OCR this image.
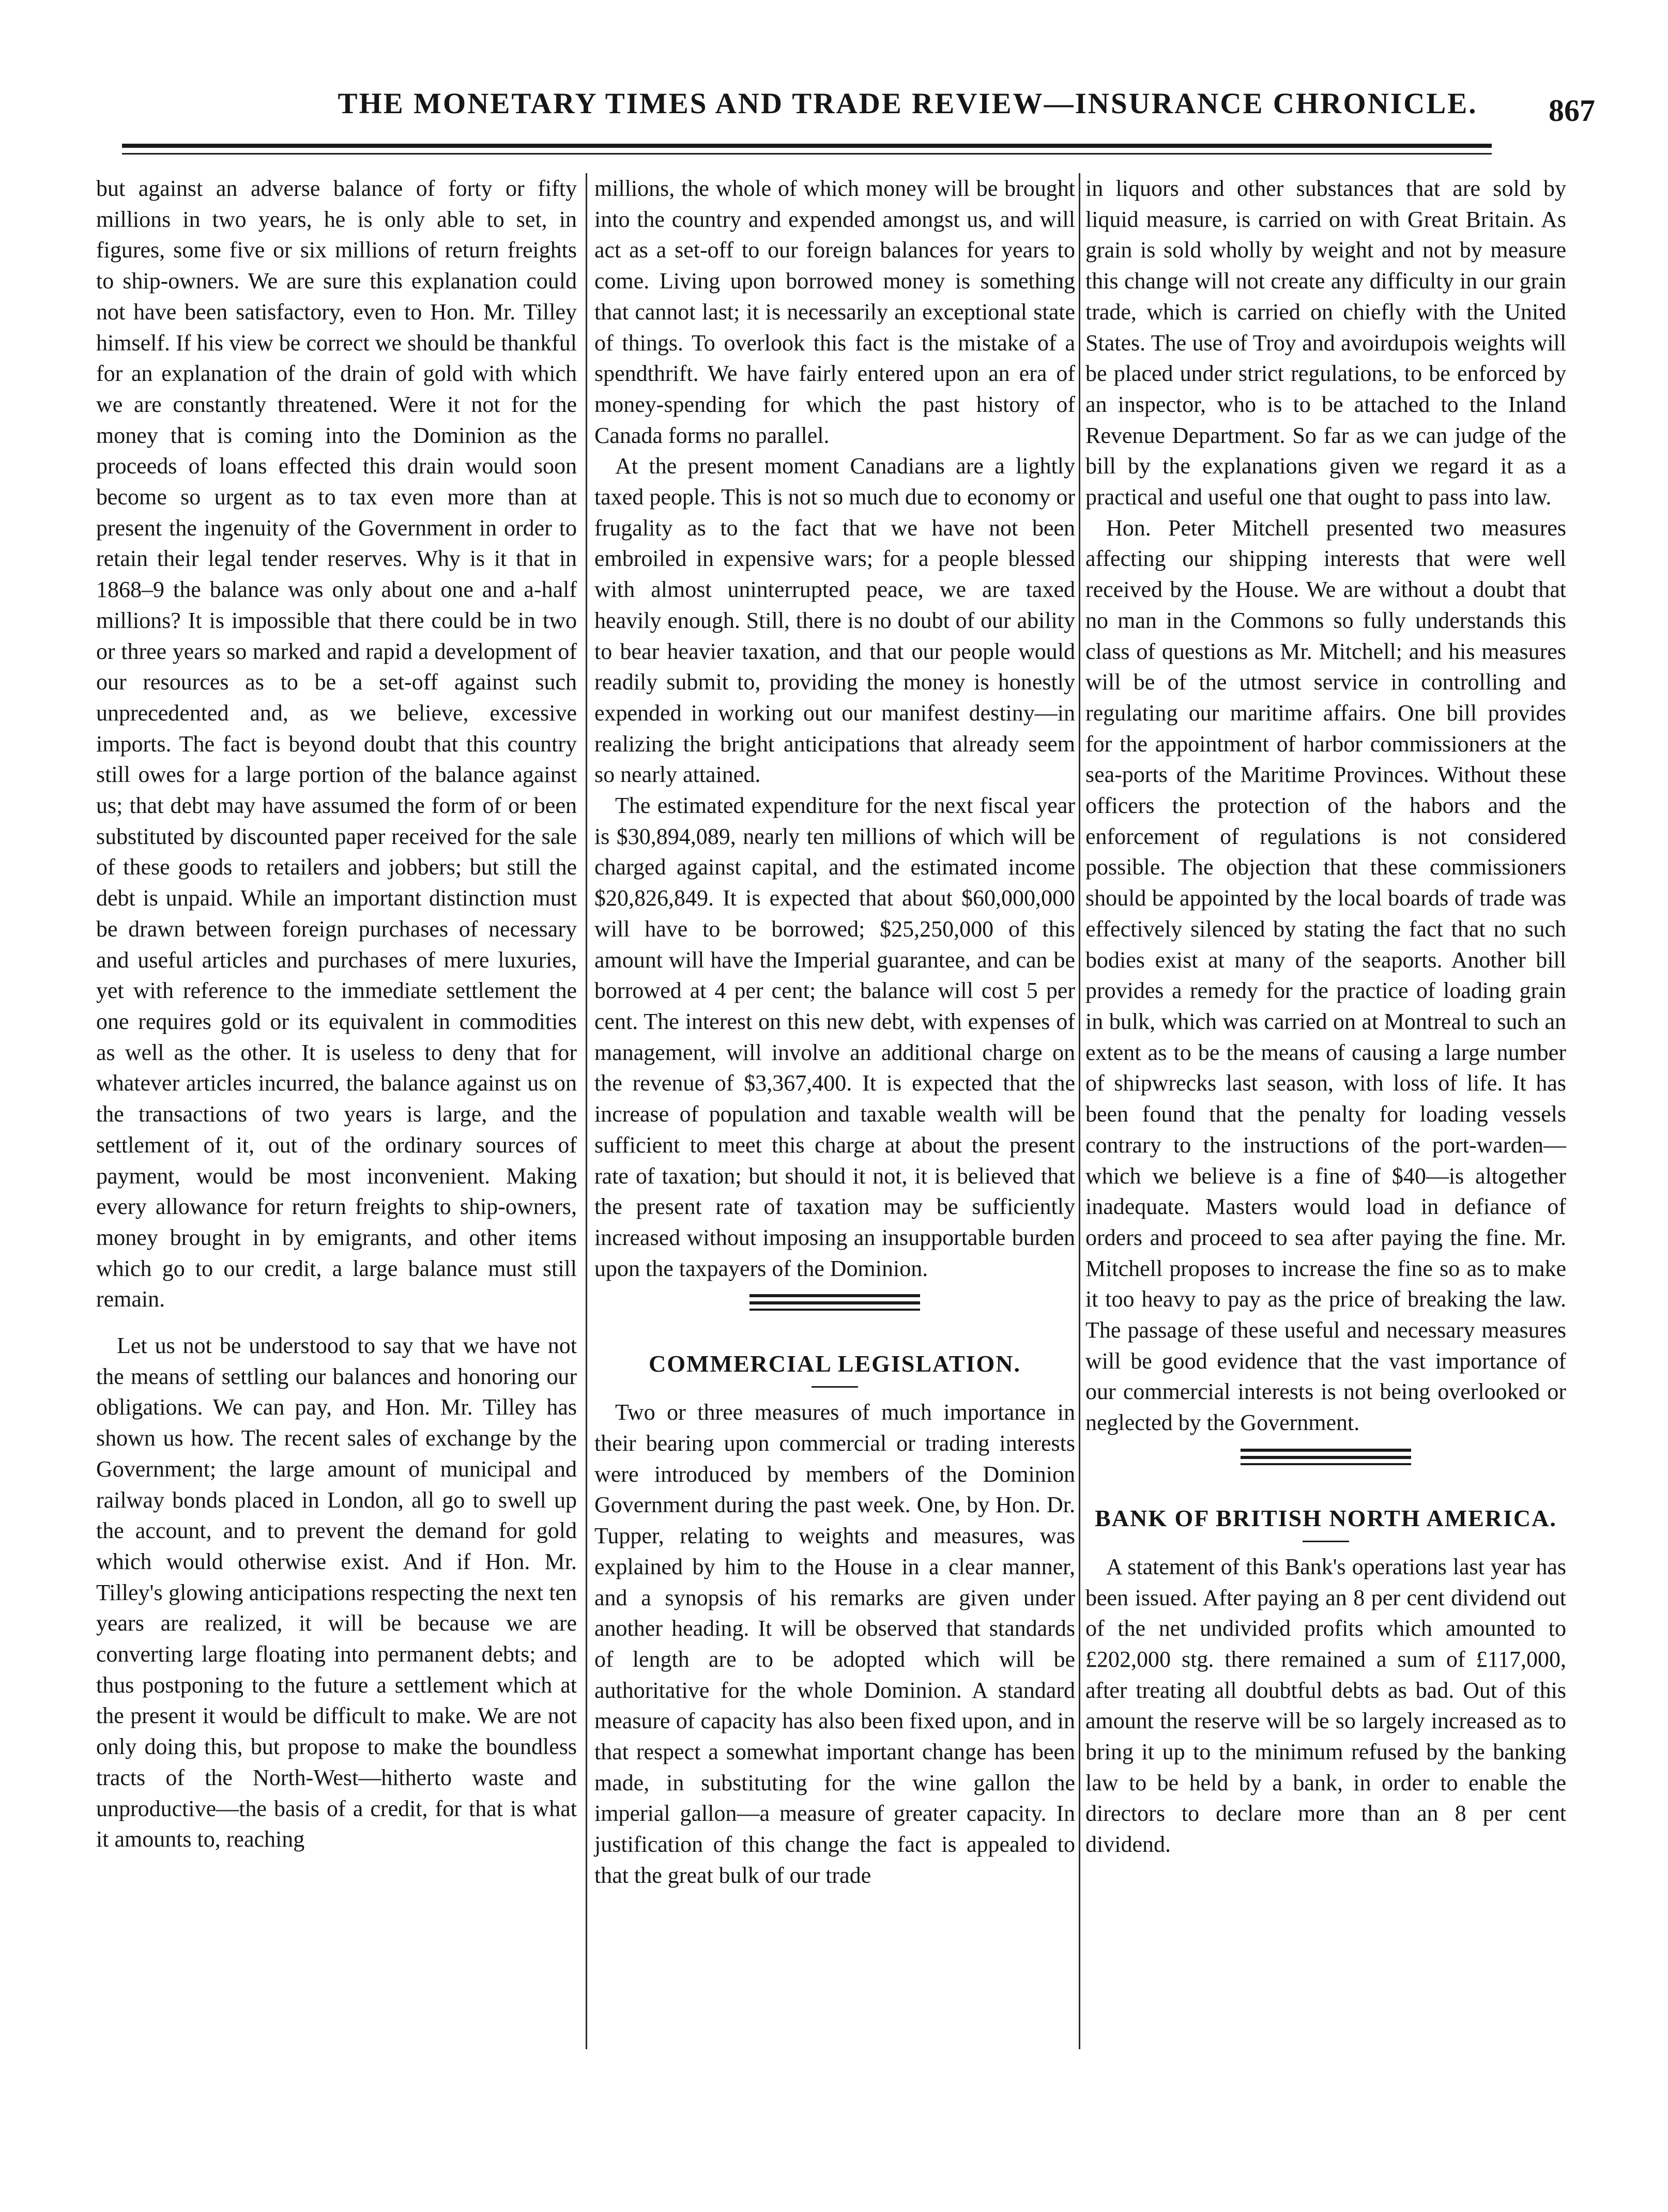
THE MONETARY TIMES AND TRADE REVIEW—INSURANCE CHRONICLE.	867

but against an adverse balance of forty or fifty millions in two years, he is only able to set, in figures, some five or six millions of return freights to ship-owners. We are sure this explanation could not have been satisfactory, even to Hon. Mr. Tilley himself. If his view be correct we should be thankful for an explanation of the drain of gold with which we are constantly threatened. Were it not for the money that is coming into the Dominion as the proceeds of loans effected this drain would soon become so urgent as to tax even more than at present the ingenuity of the Government in order to retain their legal tender reserves. Why is it that in 1868–9 the balance was only about one and a-half millions? It is impossible that there could be in two or three years so marked and rapid a development of our resources as to be a set-off against such unprecedented and, as we believe, excessive imports. The fact is beyond doubt that this country still owes for a large portion of the balance against us; that debt may have assumed the form of or been substituted by discounted paper received for the sale of these goods to retailers and jobbers; but still the debt is unpaid. While an important distinction must be drawn between foreign purchases of necessary and useful articles and purchases of mere luxuries, yet with reference to the immediate settlement the one requires gold or its equivalent in commodities as well as the other. It is useless to deny that for whatever articles incurred, the balance against us on the transactions of two years is large, and the settlement of it, out of the ordinary sources of payment, would be most inconvenient. Making every allowance for return freights to ship-owners, money brought in by emigrants, and other items which go to our credit, a large balance must still remain.

Let us not be understood to say that we have not the means of settling our balances and honoring our obligations. We can pay, and Hon. Mr. Tilley has shown us how. The recent sales of exchange by the Government; the large amount of municipal and railway bonds placed in London, all go to swell up the account, and to prevent the demand for gold which would otherwise exist. And if Hon. Mr. Tilley's glowing anticipations respecting the next ten years are realized, it will be because we are converting large floating into permanent debts; and thus postponing to the future a settlement which at the present it would be difficult to make. We are not only doing this, but propose to make the boundless tracts of the North-West—hitherto waste and unproductive—the basis of a credit, for that is what it amounts to, reaching

millions, the whole of which money will be brought into the country and expended amongst us, and will act as a set-off to our foreign balances for years to come. Living upon borrowed money is something that cannot last; it is necessarily an exceptional state of things. To overlook this fact is the mistake of a spendthrift. We have fairly entered upon an era of money-spending for which the past history of Canada forms no parallel.

At the present moment Canadians are a lightly taxed people. This is not so much due to economy or frugality as to the fact that we have not been embroiled in expensive wars; for a people blessed with almost uninterrupted peace, we are taxed heavily enough. Still, there is no doubt of our ability to bear heavier taxation, and that our people would readily submit to, providing the money is honestly expended in working out our manifest destiny—in realizing the bright anticipations that already seem so nearly attained.

The estimated expenditure for the next fiscal year is $30,894,089, nearly ten millions of which will be charged against capital, and the estimated income $20,826,849. It is expected that about $60,000,000 will have to be borrowed; $25,250,000 of this amount will have the Imperial guarantee, and can be borrowed at 4 per cent; the balance will cost 5 per cent. The interest on this new debt, with expenses of management, will involve an additional charge on the revenue of $3,367,400. It is expected that the increase of population and taxable wealth will be sufficient to meet this charge at about the present rate of taxation; but should it not, it is believed that the present rate of taxation may be sufficiently increased without imposing an insupportable burden upon the taxpayers of the Dominion.

COMMERCIAL LEGISLATION.

Two or three measures of much importance in their bearing upon commercial or trading interests were introduced by members of the Dominion Government during the past week. One, by Hon. Dr. Tupper, relating to weights and measures, was explained by him to the House in a clear manner, and a synopsis of his remarks are given under another heading. It will be observed that standards of length are to be adopted which will be authoritative for the whole Dominion. A standard measure of capacity has also been fixed upon, and in that respect a somewhat important change has been made, in substituting for the wine gallon the imperial gallon—a measure of greater capacity. In justification of this change the fact is appealed to that the great bulk of our trade

in liquors and other substances that are sold by liquid measure, is carried on with Great Britain. As grain is sold wholly by weight and not by measure this change will not create any difficulty in our grain trade, which is carried on chiefly with the United States. The use of Troy and avoirdupois weights will be placed under strict regulations, to be enforced by an inspector, who is to be attached to the Inland Revenue Department. So far as we can judge of the bill by the explanations given we regard it as a practical and useful one that ought to pass into law.

Hon. Peter Mitchell presented two measures affecting our shipping interests that were well received by the House. We are without a doubt that no man in the Commons so fully understands this class of questions as Mr. Mitchell; and his measures will be of the utmost service in controlling and regulating our maritime affairs. One bill provides for the appointment of harbor commissioners at the sea-ports of the Maritime Provinces. Without these officers the protection of the habors and the enforcement of regulations is not considered possible. The objection that these commissioners should be appointed by the local boards of trade was effectively silenced by stating the fact that no such bodies exist at many of the seaports. Another bill provides a remedy for the practice of loading grain in bulk, which was carried on at Montreal to such an extent as to be the means of causing a large number of shipwrecks last season, with loss of life. It has been found that the penalty for loading vessels contrary to the instructions of the port-warden—which we believe is a fine of $40—is altogether inadequate. Masters would load in defiance of orders and proceed to sea after paying the fine. Mr. Mitchell proposes to increase the fine so as to make it too heavy to pay as the price of breaking the law. The passage of these useful and necessary measures will be good evidence that the vast importance of our commercial interests is not being overlooked or neglected by the Government.

BANK OF BRITISH NORTH AMERICA.

A statement of this Bank's operations last year has been issued. After paying an 8 per cent dividend out of the net undivided profits which amounted to £202,000 stg. there remained a sum of £117,000, after treating all doubtful debts as bad. Out of this amount the reserve will be so largely increased as to bring it up to the minimum refused by the banking law to be held by a bank, in order to enable the directors to declare more than an 8 per cent dividend.
